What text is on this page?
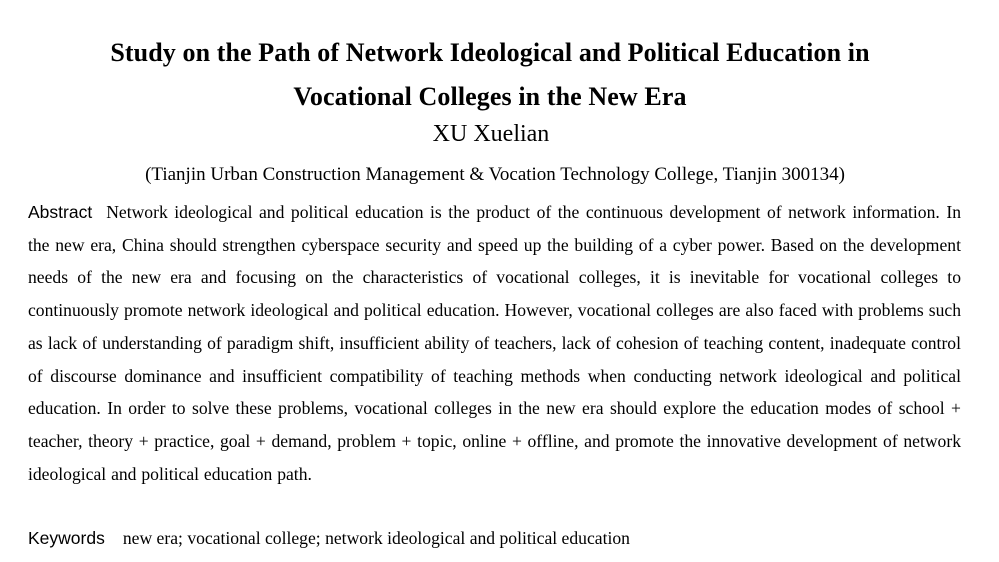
Study on the Path of Network Ideological and Political Education in
Vocational Colleges in the New Era
XU Xuelian
(Tianjin Urban Construction Management & Vocation Technology College, Tianjin 300134)

Abstract Network ideological and political education is the product of the continuous development of network information. In the new era, China should strengthen cyberspace security and speed up the building of a cyber power. Based on the development needs of the new era and focusing on the characteristics of vocational colleges, it is inevitable for vocational colleges to continuously promote network ideological and political education. However, vocational colleges are also faced with problems such as lack of understanding of paradigm shift, insufficient ability of teachers, lack of cohesion of teaching content, inadequate control of discourse dominance and insufficient compatibility of teaching methods when conducting network ideological and political education. In order to solve these problems, vocational colleges in the new era should explore the education modes of school + teacher, theory + practice, goal + demand, problem + topic, online + offline, and promote the innovative development of network ideological and political education path.

Keywords new era; vocational college; network ideological and political education
